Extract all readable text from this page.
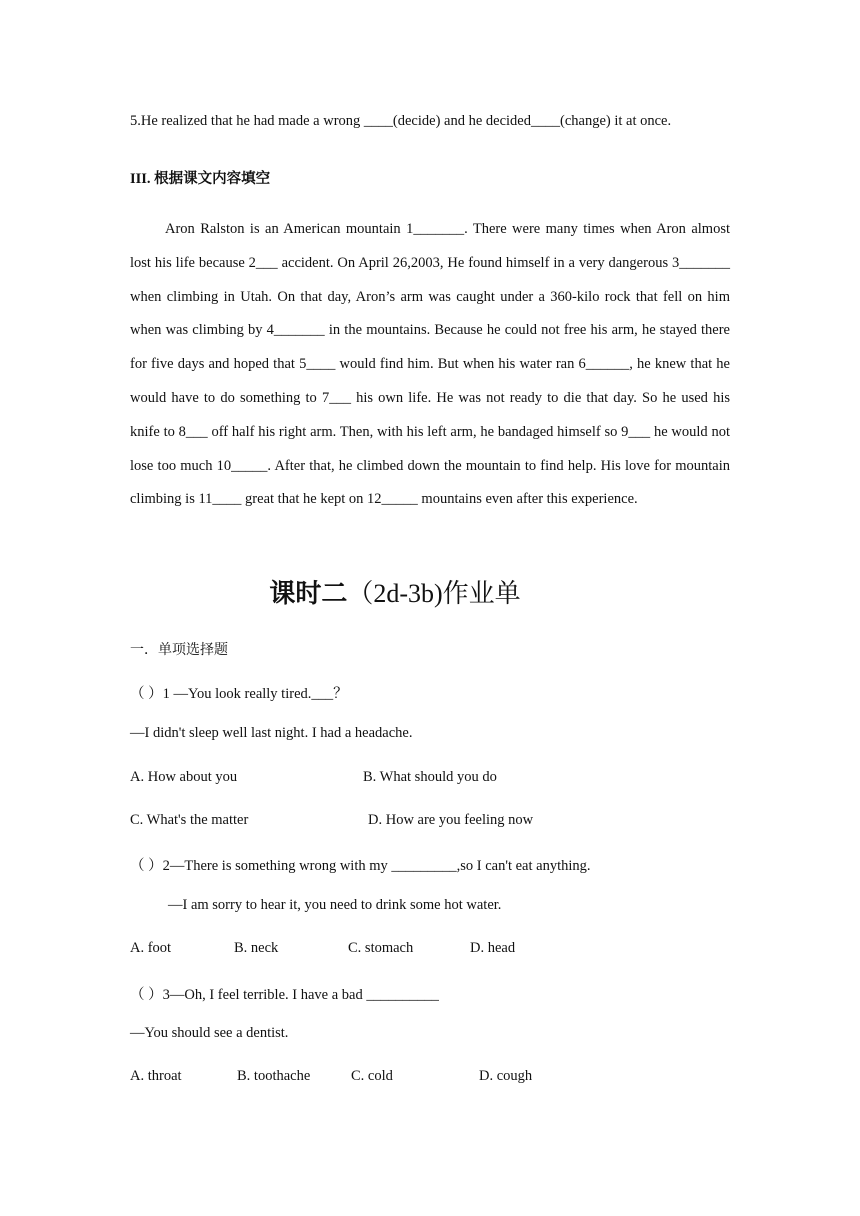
5.He realized that he had made a wrong ____(decide) and he decided____(change) it at once.
III. 根据课文内容填空
Aron Ralston is an American mountain 1_______. There were many times when Aron almost lost his life because 2___ accident. On April 26,2003, He found himself in a very dangerous 3_______ when climbing in Utah. On that day, Aron’s arm was caught under a 360-kilo rock that fell on him when was climbing by 4_______ in the mountains. Because he could not free his arm, he stayed there for five days and hoped that 5____ would find him. But when his water ran 6______, he knew that he would have to do something to 7___ his own life. He was not ready to die that day. So he used his knife to 8___ off half his right arm. Then, with his left arm, he bandaged himself so 9___ he would not lose too much 10_____. After that, he climbed down the mountain to find help. His love for mountain climbing is 11____ great that he kept on 12_____ mountains even after this experience.
课时二（2d-3b)作业单
一．单项选择题
（ ）1 —You look really tired.___？
—I didn't sleep well last night. I had a headache.
A. How about you	B. What should you do
C. What's the matter	D. How are you feeling now
（ ）2—There is something wrong with my _________,so I can't eat anything.
—I am sorry to hear it, you need to drink some hot water.
A. foot	B. neck	C. stomach	D. head
（ ）3—Oh, I feel terrible. I have a bad __________
—You should see a dentist.
A. throat	B. toothache	C. cold	D. cough
